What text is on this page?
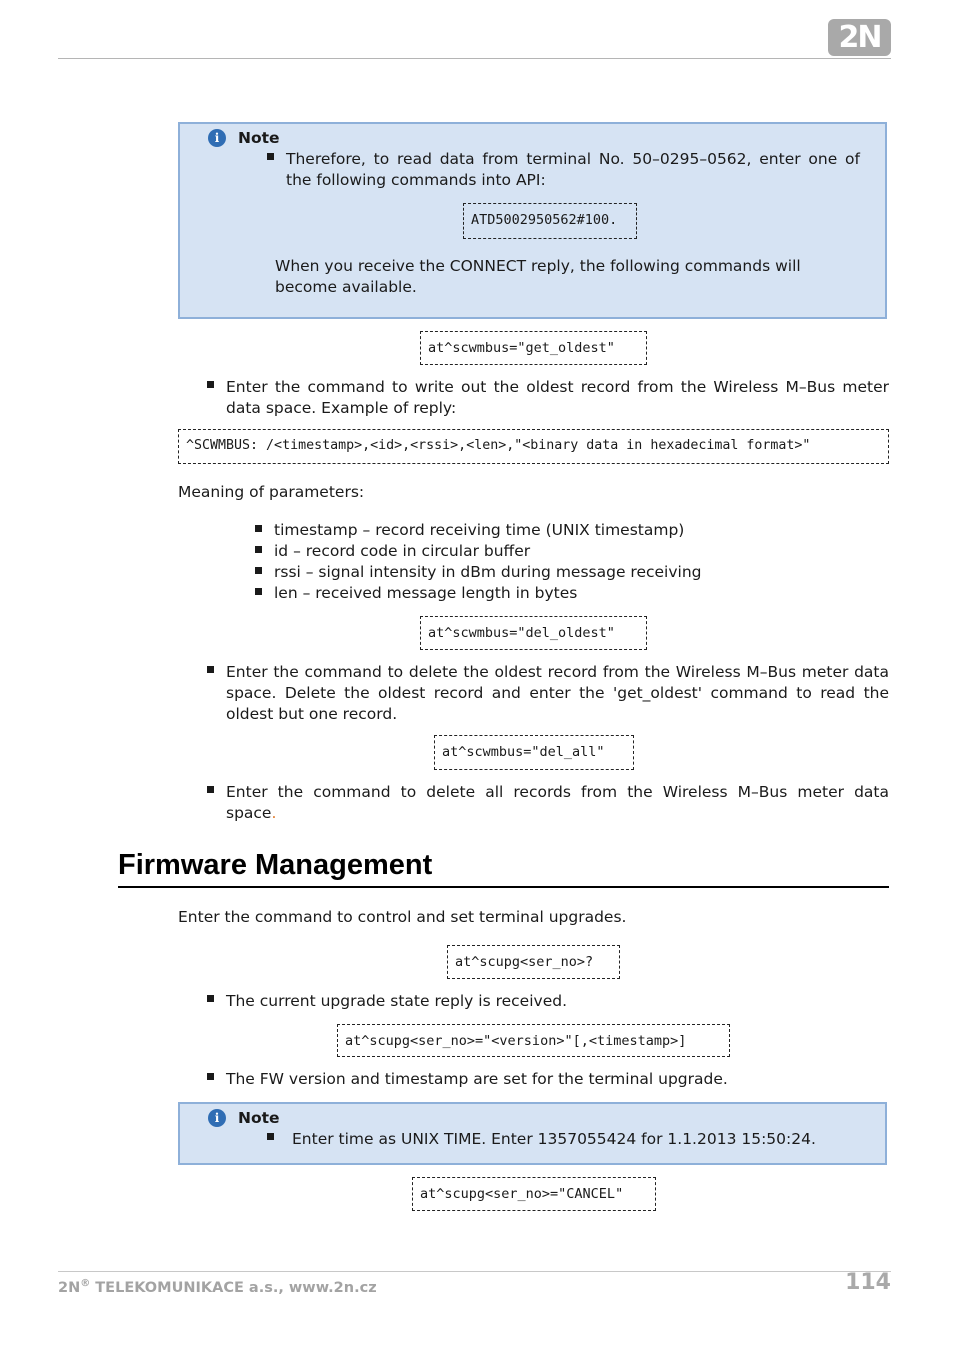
2N
i	Note
Therefore, to read data from terminal No. 50–0295–0562, enter one of the following commands into API:
ATD5002950562#100.
When you receive the CONNECT reply, the following commands will become available.
at^scwmbus="get_oldest"
Enter the command to write out the oldest record from the Wireless M–Bus meter data space. Example of reply:
^SCWMBUS: /<timestamp>,<id>,<rssi>,<len>,"<binary data in hexadecimal format>"
Meaning of parameters:
timestamp – record receiving time (UNIX timestamp)
id – record code in circular buffer
rssi – signal intensity in dBm during message receiving
len – received message length in bytes
at^scwmbus="del_oldest"
Enter the command to delete the oldest record from the Wireless M–Bus meter data space. Delete the oldest record and enter the 'get_oldest' command to read the oldest but one record.
at^scwmbus="del_all"
Enter the command to delete all records from the Wireless M–Bus meter data
space.
Firmware Management
Enter the command to control and set terminal upgrades.
at^scupg<ser_no>?
The current upgrade state reply is received.
at^scupg<ser_no>="<version>"[,<timestamp>]
The FW version and timestamp are set for the terminal upgrade.
i	Note
Enter time as UNIX TIME. Enter 1357055424 for 1.1.2013 15:50:24.
at^scupg<ser_no>="CANCEL"
2N® TELEKOMUNIKACE a.s., www.2n.cz	114
